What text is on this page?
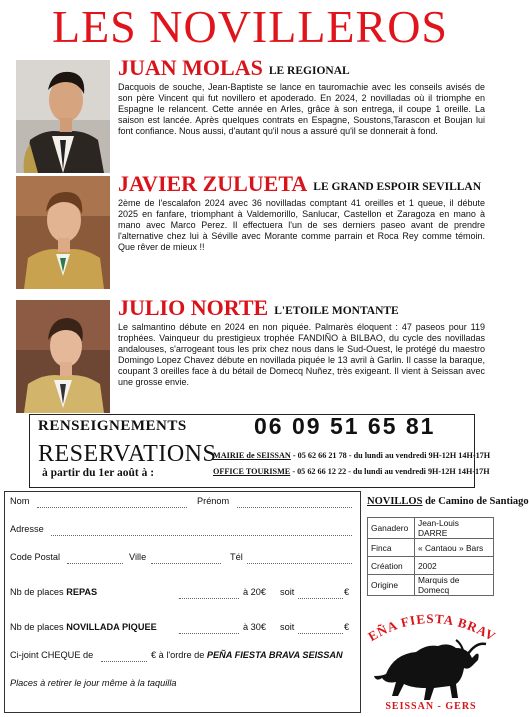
LES NOVILLEROS
JUAN MOLAS LE REGIONAL
Dacquois de souche, Jean-Baptiste se lance en tauromachie avec les conseils avisés de son père Vincent qui fut novillero et apoderado. En 2024, 2 novilladas où il triomphe en Espagne le relancent. Cette année en Arles, grâce à son entrega, il coupe 1 oreille. La saison est lancée. Après quelques contrats en Espagne, Soustons,Tarascon et Boujan lui font confiance. Nous aussi, d'autant qu'il nous a assuré qu'il se donnerait à fond.
JAVIER ZULUETA LE GRAND ESPOIR SEVILLAN
2ème de l'escalafon 2024 avec 36 novilladas comptant 41 oreilles et 1 queue, il débute 2025 en fanfare, triomphant à Valdemorillo, Sanlucar, Castellon et Zaragoza en mano à mano avec Marco Perez. Il effectuera l'un de ses derniers paseo avant de prendre l'alternative chez lui à Séville avec Morante comme parrain et Roca Rey comme témoin. Que rêver de mieux !!
JULIO NORTE L'ETOILE MONTANTE
Le salmantino débute en 2024 en non piquée. Palmarès éloquent : 47 paseos pour 119 trophées. Vainqueur du prestigieux trophée FANDIÑO à BILBAO, du cycle des novilladas andalouses, s'arrogeant tous les prix chez nous dans le Sud-Ouest, le protégé du maestro Domingo Lopez Chavez débute en novillada piquée le 13 avril à Garlin. Il casse la baraque, coupant 3 oreilles face à du bétail de Domecq Nuñez, très exigeant. Il vient à Seissan avec une grosse envie.
RENSEIGNEMENTS	06 09 51 65 81
RESERVATIONS
à partir du 1er août à :
MAIRIE de SEISSAN - 05 62 66 21 78 - du lundi au vendredi 9H-12H 14H-17H
OFFICE TOURISME - 05 62 66 12 22 - du lundi au vendredi 9H-12H 14H-17H
Nom	Prénom
Adresse
Code Postal	Ville	Tél
Nb de places REPAS	à 20€ soit	€
Nb de places NOVILLADA PIQUEE	à 30€ soit	€
Ci-joint CHEQUE de	€ à l'ordre de PEÑA FIESTA BRAVA SEISSAN
Places à retirer le jour même à la taquilla
NOVILLOS de Camino de Santiago
Ganadero	Jean-Louis DARRE
Finca	« Cantaou » Bars
Création	2002
Origine	Marquis de Domecq
EÑA FIESTA BRAV
SEISSAN - GERS
